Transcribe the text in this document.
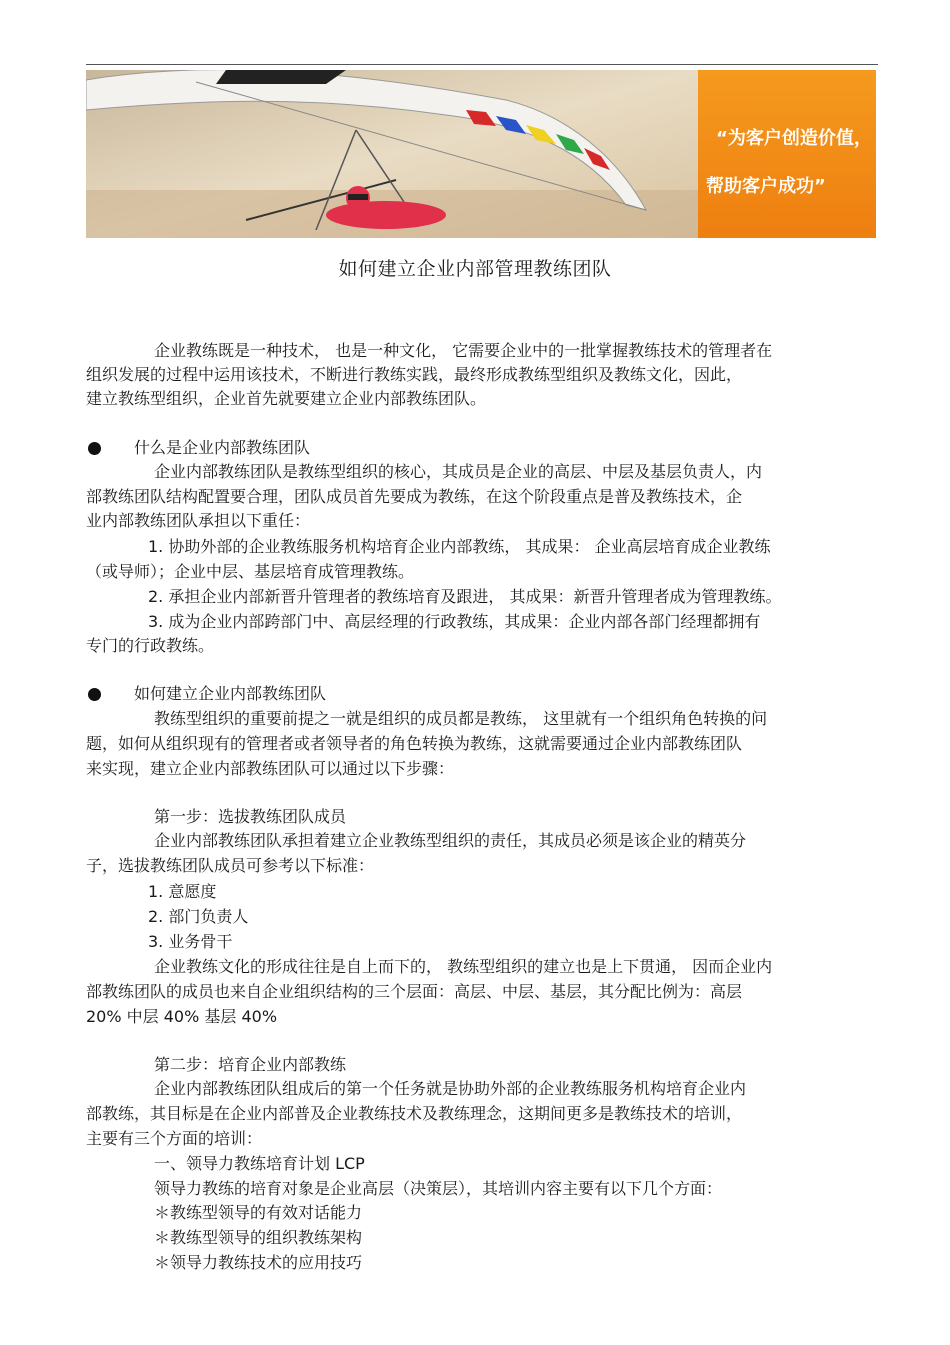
“为客户创造价值，
帮助客户成功”
如何建立企业内部管理教练团队
企业教练既是一种技术， 也是一种文化， 它需要企业中的一批掌握教练技术的管理者在
组织发展的过程中运用该技术，不断进行教练实践，最终形成教练型组织及教练文化，因此，
建立教练型组织，企业首先就要建立企业内部教练团队。
什么是企业内部教练团队
企业内部教练团队是教练型组织的核心，其成员是企业的高层、中层及基层负责人，内
部教练团队结构配置要合理，团队成员首先要成为教练，在这个阶段重点是普及教练技术，企
业内部教练团队承担以下重任：
1. 协助外部的企业教练服务机构培育企业内部教练， 其成果： 企业高层培育成企业教练
（或导师）；企业中层、基层培育成管理教练。
2. 承担企业内部新晋升管理者的教练培育及跟进， 其成果：新晋升管理者成为管理教练。
3. 成为企业内部跨部门中、高层经理的行政教练，其成果：企业内部各部门经理都拥有
专门的行政教练。
如何建立企业内部教练团队
教练型组织的重要前提之一就是组织的成员都是教练， 这里就有一个组织角色转换的问
题，如何从组织现有的管理者或者领导者的角色转换为教练，这就需要通过企业内部教练团队
来实现，建立企业内部教练团队可以通过以下步骤：
第一步：选拔教练团队成员
企业内部教练团队承担着建立企业教练型组织的责任，其成员必须是该企业的精英分
子，选拔教练团队成员可参考以下标准：
1. 意愿度
2. 部门负责人
3. 业务骨干
企业教练文化的形成往往是自上而下的， 教练型组织的建立也是上下贯通， 因而企业内
部教练团队的成员也来自企业组织结构的三个层面：高层、中层、基层，其分配比例为：高层
20% 中层 40% 基层 40%
第二步：培育企业内部教练
企业内部教练团队组成后的第一个任务就是协助外部的企业教练服务机构培育企业内
部教练，其目标是在企业内部普及企业教练技术及教练理念，这期间更多是教练技术的培训，
主要有三个方面的培训：
一、领导力教练培育计划 LCP
领导力教练的培育对象是企业高层（决策层），其培训内容主要有以下几个方面：
＊教练型领导的有效对话能力
＊教练型领导的组织教练架构
＊领导力教练技术的应用技巧
